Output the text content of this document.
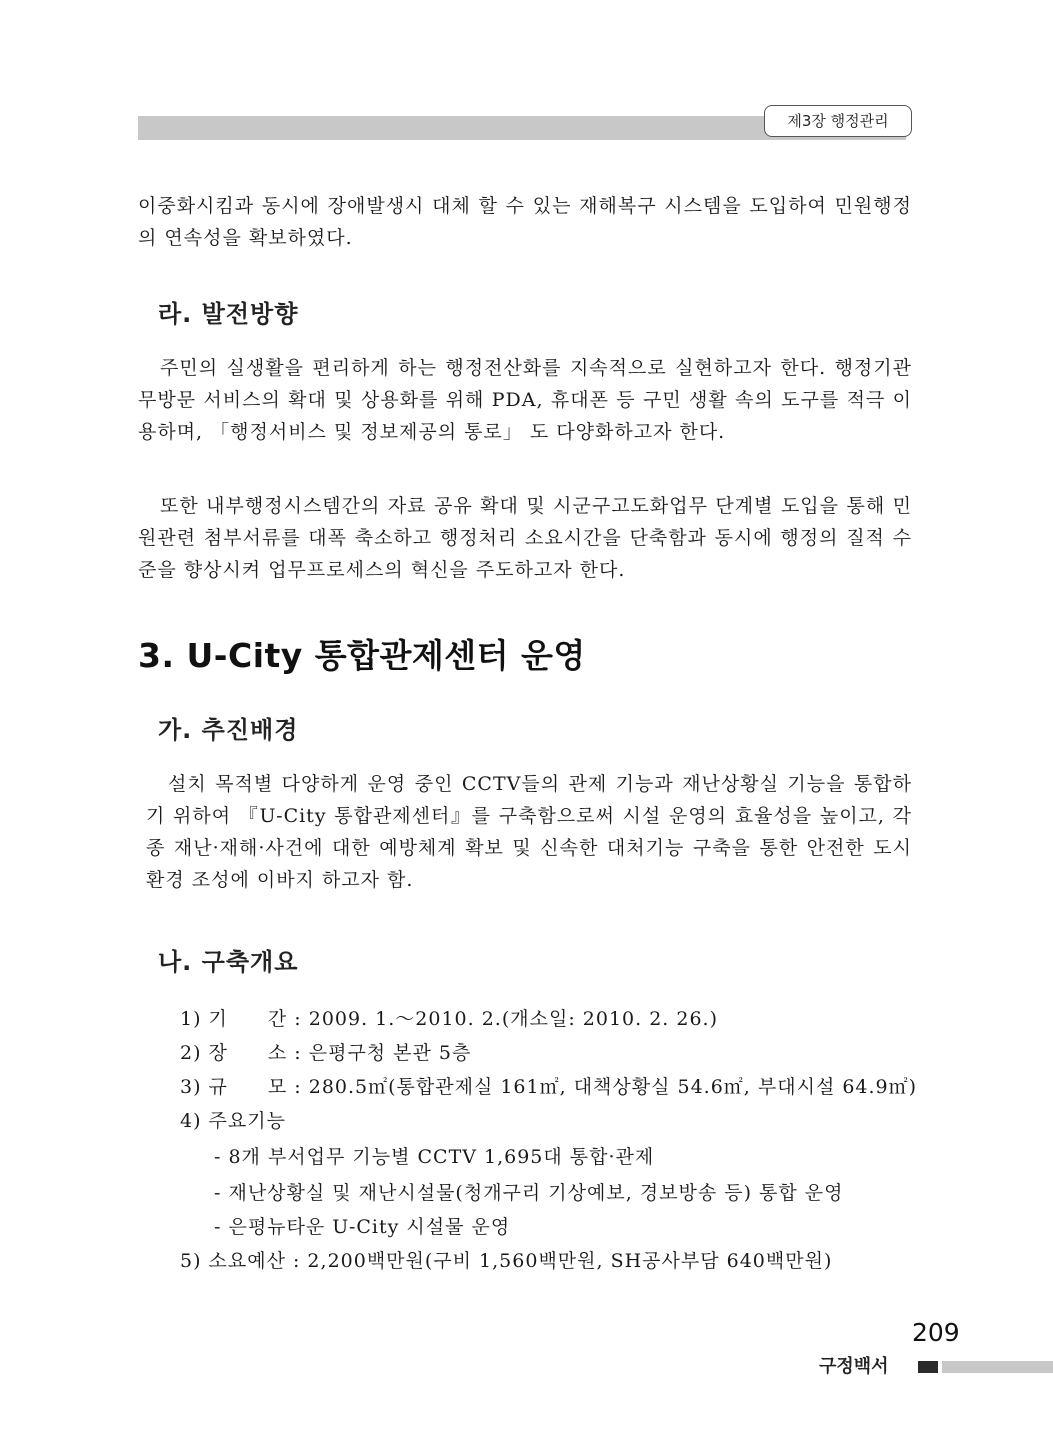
제3장 행정관리

이중화시킴과 동시에 장애발생시 대체 할 수 있는 재해복구 시스템을 도입하여 민원행정의 연속성을 확보하였다.

라. 발전방향

주민의 실생활을 편리하게 하는 행정전산화를 지속적으로 실현하고자 한다. 행정기관 무방문 서비스의 확대 및 상용화를 위해 PDA, 휴대폰 등 구민 생활 속의 도구를 적극 이용하며, 「행정서비스 및 정보제공의 통로」 도 다양화하고자 한다.

또한 내부행정시스템간의 자료 공유 확대 및 시군구고도화업무 단계별 도입을 통해 민원관련 첨부서류를 대폭 축소하고 행정처리 소요시간을 단축함과 동시에 행정의 질적 수준을 향상시켜 업무프로세스의 혁신을 주도하고자 한다.

3. U-City 통합관제센터 운영
가. 추진배경

설치 목적별 다양하게 운영 중인 CCTV들의 관제 기능과 재난상황실 기능을 통합하기 위하여 『U-City 통합관제센터』를 구축함으로써 시설 운영의 효율성을 높이고, 각종 재난·재해·사건에 대한 예방체계 확보 및 신속한 대처기능 구축을 통한 안전한 도시환경 조성에 이바지 하고자 함.

나. 구축개요
1) 기　　간 : 2009. 1.～2010. 2.(개소일: 2010. 2. 26.)
2) 장　　소 : 은평구청 본관 5층
3) 규　　모 : 280.5㎡(통합관제실 161㎡, 대책상황실 54.6㎡, 부대시설 64.9㎡)
4) 주요기능
- 8개 부서업무 기능별 CCTV 1,695대 통합·관제
- 재난상황실 및 재난시설물(청개구리 기상예보, 경보방송 등) 통합 운영
- 은평뉴타운 U-City 시설물 운영
5) 소요예산 : 2,200백만원(구비 1,560백만원, SH공사부담 640백만원)
209
구정백서
